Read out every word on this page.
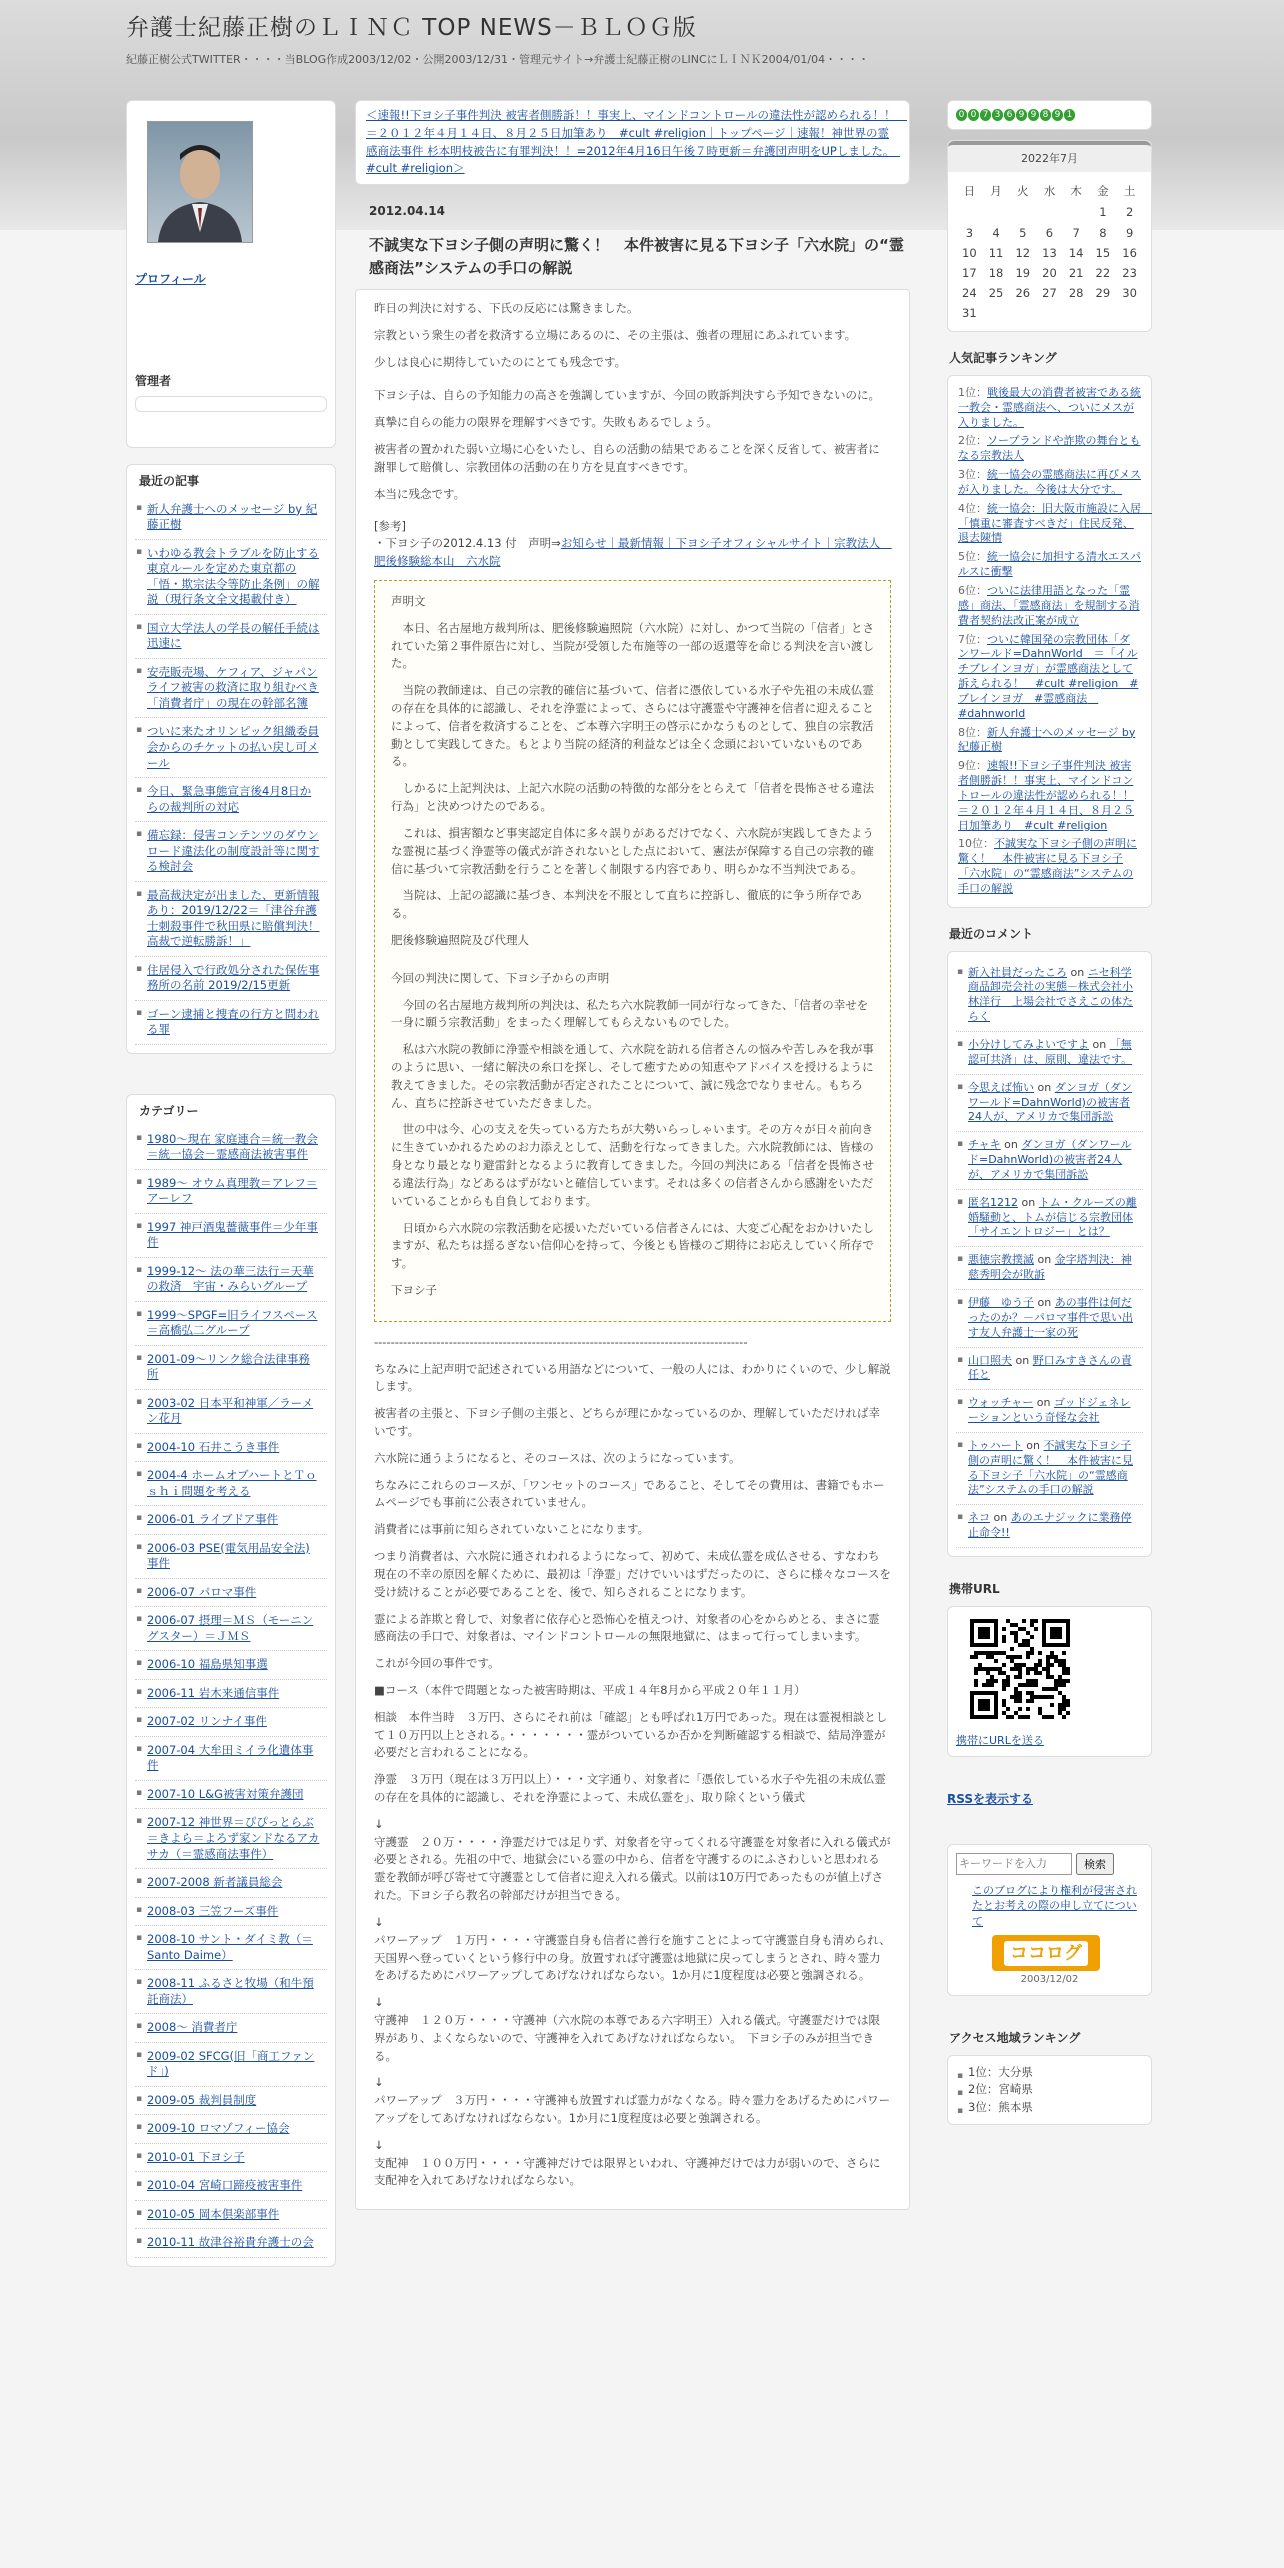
弁護士紀藤正樹のＬＩＮＣ TOP NEWS－ＢＬＯＧ版

紀藤正樹公式TWITTER・・・・当BLOG作成2003/12/02・公開2003/12/31・管理元サイト→弁護士紀藤正樹のLINCにＬＩＮＫ2004/01/04・・・・

プロフィール
管理者
最近の記事
▪ 新人弁護士へのメッセージ by 紀藤正樹
▪ いわゆる教会トラブルを防止する東京ルールを定めた東京都の「悟・欺宗法令等防止条例」の解説（現行条文全文掲載付き）
▪ 国立大学法人の学長の解任手続は迅速に
▪ 安売販売場、ケフィア、ジャパンライフ被害の救済に取り組むべき「消費者庁」の現在の幹部名簿
▪ ついに来たオリンピック組織委員会からのチケットの払い戻し可メール
▪ 今日、緊急事態宣言後4月8日からの裁判所の対応
▪ 備忘録：侵害コンテンツのダウンロード違法化の制度設計等に関する検討会
▪ 最高裁決定が出ました、更新情報あり：2019/12/22＝「津谷弁護士刺殺事件で秋田県に賠償判決！高裁で逆転勝訴！」
▪ 住居侵入で行政処分された保佐事務所の名前 2019/2/15更新
▪ ゴーン逮捕と捜査の行方と問われる罪
カテゴリー
▪ 1980～現在 家庭連合＝統一教会＝統一協会－霊感商法被害事件
▪ 1989～ オウム真理教＝アレフ＝アーレフ
▪ 1997 神戸酒鬼薔薇事件＝少年事件
▪ 1999-12～ 法の華三法行＝天華の救済　宇宙・みらいグループ
▪ 1999～SPGF=旧ライフスペース＝高橋弘二グループ
▪ 2001-09～リンク総合法律事務所
▪ 2003-02 日本平和神軍／ラーメン花月
▪ 2004-10 石井こうき事件
▪ 2004-4 ホームオブハートとＴｏｓｈｉ問題を考える
▪ 2006-01 ライブドア事件
▪ 2006-03 PSE(電気用品安全法)事件
▪ 2006-07 パロマ事件
▪ 2006-07 摂理＝ＭＳ（モーニングスター）＝ＪＭＳ
▪ 2006-10 福島県知事選
▪ 2006-11 岩木来通信事件
▪ 2007-02 リンナイ事件
▪ 2007-04 大牟田ミイラ化遺体事件
▪ 2007-10 L&G被害対策弁護団
▪ 2007-12 神世界＝ぴぴっとらぶ＝きよら＝よろず家ンドなるアカサカ（＝霊感商法事件）
▪ 2007-2008 新者議員総会
▪ 2008-03 三笠フーズ事件
▪ 2008-10 サント・ダイミ教（＝Santo Daime）
▪ 2008-11 ふるさと牧場（和牛預託商法）
▪ 2008～ 消費者庁
▪ 2009-02 SFCG(旧「商工ファンド」)
▪ 2009-05 裁判員制度
▪ 2009-10 ロマゾフィー協会
▪ 2010-01 下ヨシ子
▪ 2010-04 宮崎口蹄疫被害事件
▪ 2010-05 岡本倶楽部事件
▪ 2010-11 故津谷裕貴弁護士の会
＜速報!!下ヨシ子事件判決 被害者側勝訴！！事実上、マインドコントロールの違法性が認められる！！　＝２０１２年４月１４日、８月２５日加筆あり　#cult #religion｜トップページ｜速報！神世界の霊感商法事件 杉本明枝被告に有罪判決！！=2012年4月16日午後７時更新＝弁護団声明をUPしました。　#cult #religion＞
2012.04.14
不誠実な下ヨシ子側の声明に驚く！　本件被害に見る下ヨシ子「六水院」の“霊感商法”システムの手口の解説

昨日の判決に対する、下氏の反応には驚きました。

宗教という衆生の者を救済する立場にあるのに、その主張は、強者の理屈にあふれています。

少しは良心に期待していたのにとても残念です。

下ヨシ子は、自らの予知能力の高さを強調していますが、今回の敗訴判決すら予知できないのに。

真摯に自らの能力の限界を理解すべきです。失敗もあるでしょう。

被害者の置かれた弱い立場に心をいたし、自らの活動の結果であることを深く反省して、被害者に謝罪して賠償し、宗教団体の活動の在り方を見直すべきです。

本当に残念です。

[参考]

・下ヨシ子の2012.4.13 付　声明⇒お知らせ｜最新情報｜下ヨシ子オフィシャルサイト｜宗教法人　肥後修験総本山　六水院

声明文

本日、名古屋地方裁判所は、肥後修験遍照院（六水院）に対し、かつて当院の「信者」とされていた第２事件原告に対し、当院が受領した布施等の一部の返還等を命じる判決を言い渡した。

当院の教師達は、自己の宗教的確信に基づいて、信者に憑依している水子や先祖の未成仏霊の存在を具体的に認識し、それを浄霊によって、さらには守護霊や守護神を信者に迎えることによって、信者を救済することを、ご本尊六字明王の啓示にかなうものとして、独自の宗教活動として実践してきた。もとより当院の経済的利益などは全く念頭においていないものである。

しかるに上記判決は、上記六水院の活動の特徴的な部分をとらえて「信者を畏怖させる違法行為」と決めつけたのである。

これは、損害額など事実認定自体に多々誤りがあるだけでなく、六水院が実践してきたような霊視に基づく浄霊等の儀式が許されないとした点において、憲法が保障する自己の宗教的確信に基づいて宗教活動を行うことを著しく制限する内容であり、明らかな不当判決である。

当院は、上記の認識に基づき、本判決を不服として直ちに控訴し、徹底的に争う所存である。

肥後修験遍照院及び代理人

今回の判決に関して、下ヨシ子からの声明

今回の名古屋地方裁判所の判決は、私たち六水院教師一同が行なってきた、「信者の幸せを一身に願う宗教活動」をまったく理解してもらえないものでした。

私は六水院の教師に浄霊や相談を通して、六水院を訪れる信者さんの悩みや苦しみを我が事のように思い、一緒に解決の糸口を探し、そして癒すための知恵やアドバイスを授けるように教えてきました。その宗教活動が否定されたことについて、誠に残念でなりません。もちろん、直ちに控訴させていただきました。

世の中は今、心の支えを失っている方たちが大勢いらっしゃいます。その方々が日々前向きに生きていかれるためのお力添えとして、活動を行なってきました。六水院教師には、皆様の身となり最となり避雷針となるように教育してきました。今回の判決にある「信者を畏怖させる違法行為」などあるはずがないと確信しています。それは多くの信者さんから感謝をいただいていることからも自負しております。

日頃から六水院の宗教活動を応援いただいている信者さんには、大変ご心配をおかけいたしますが、私たちは揺るぎない信仰心を持って、今後とも皆様のご期待にお応えしていく所存です。

下ヨシ子

------------------------------------------------------------------------------------------

ちなみに上記声明で記述されている用語などについて、一般の人には、わかりにくいので、少し解説します。

被害者の主張と、下ヨシ子側の主張と、どちらが理にかなっているのか、理解していただければ幸いです。

六水院に通うようになると、そのコースは、次のようになっています。

ちなみにこれらのコースが、「ワンセットのコース」であること、そしてその費用は、書籍でもホームページでも事前に公表されていません。

消費者には事前に知らされていないことになります。

つまり消費者は、六水院に通されわれるようになって、初めて、未成仏霊を成仏させる、すなわち現在の不幸の原因を解くために、最初は「浄霊」だけでいいはずだったのに、さらに様々なコースを受け続けることが必要であることを、後で、知らされることになります。

霊による詐欺と脅しで、対象者に依存心と恐怖心を植えつけ、対象者の心をからめとる、まさに霊感商法の手口で、対象者は、マインドコントロールの無限地獄に、はまって行ってしまいます。

これが今回の事件です。

■コース（本件で問題となった被害時期は、平成１４年8月から平成２０年１１月）

相談　本件当時　３万円、さらにそれ前は「確認」とも呼ばれ1万円であった。現在は霊視相談として１０万円以上とされる。・・・・・・・霊がついているか否かを判断確認する相談で、結局浄霊が必要だと言われることになる。

浄霊　３万円（現在は３万円以上）・・・文字通り、対象者に「憑依している水子や先祖の未成仏霊の存在を具体的に認識し、それを浄霊によって、未成仏霊を」、取り除くという儀式

↓

守護霊　２０万・・・・浄霊だけでは足りず、対象者を守ってくれる守護霊を対象者に入れる儀式が必要とされる。先祖の中で、地獄会にいる霊の中から、信者を守護するのにふさわしいと思われる霊を教師が呼び寄せて守護霊として信者に迎え入れる儀式。以前は10万円であったものが値上げされた。下ヨシ子ら教名の幹部だけが担当できる。

↓

パワーアップ　１万円・・・・守護霊自身も信者に善行を施すことによって守護霊自身も清められ、天国界へ登っていくという修行中の身。放置すれば守護霊は地獄に戻ってしまうとされ、時々霊力をあげるためにパワーアップしてあげなければならない。1か月に1度程度は必要と強調される。

↓

守護神　１２０万・・・・守護神（六水院の本尊である六字明王）入れる儀式。守護霊だけでは限界があり、よくならないので、守護神を入れてあげなければならない。　下ヨシ子のみが担当できる。

↓

パワーアップ　３万円・・・・守護神も放置すれば霊力がなくなる。時々霊力をあげるためにパワーアップをしてあげなければならない。1か月に1度程度は必要と強調される。

↓

支配神　１００万円・・・・守護神だけでは限界といわれ、守護神だけでは力が弱いので、さらに支配神を入れてあげなければならない。

0 0 7 3 6 9 9 8 9 1
2022年7月
日	月	火	水	木	金	土
					1	2
3	4	5	6	7	8	9
10	11	12	13	14	15	16
17	18	19	20	21	22	23
24	25	26	27	28	29	30
31						
人気記事ランキング
1位：戦後最大の消費者被害である統一教会・霊感商法へ、ついにメスが入りました。
2位：ソープランドや詐欺の舞台ともなる宗教法人
3位：統一協会の霊感商法に再びメスが入りました。今後は大分です。
4位：統一協会：旧大阪市施設に入居　「慎重に審査すべきだ」住民反発、退去陳情
5位：統一協会に加担する清水エスパルスに衝撃
6位：ついに法律用語となった「霊感」商法、「霊感商法」を規制する消費者契約法改正案が成立
7位：ついに韓国発の宗教団体「ダンワールド=DahnWorld　＝「イルチブレインヨガ」が霊感商法として訴えられる！　#cult #religion　#ブレインヨガ　#霊感商法　#dahnworld
8位：新人弁護士へのメッセージ by 紀藤正樹
9位：速報!!下ヨシ子事件判決 被害者側勝訴！！事実上、マインドコントロールの違法性が認められる！！ ＝２０１２年４月１４日、８月２５日加筆あり　#cult #religion
10位：不誠実な下ヨシ子側の声明に驚く！　本件被害に見る下ヨシ子「六水院」の“霊感商法”システムの手口の解説
最近のコメント
▪ 新入社員だったころ on ニセ科学商品卸売会社の実態－株式会社小林洋行　上場会社でさえこの体たらく
▪ 小分けしてみよいですよ on 「無認可共済」は、原則、違法です。
▪ 今思えば怖い on ダンヨガ（ダンワールド=DahnWorld)の被害者24人が、アメリカで集団訴訟
▪ チャキ on ダンヨガ（ダンワールド=DahnWorld)の被害者24人が、アメリカで集団訴訟
▪ 匿名1212 on トム・クルーズの離婚騒動と、トムが信じる宗教団体「サイエントロジー」とは？
▪ 悪徳宗教撲滅 on 金字塔判決：神慈秀明会が敗訴
▪ 伊藤　ゆう子 on あの事件は何だったのか？－パロマ事件で思い出す友人弁護士一家の死
▪ 山口照夫 on 野口みすきさんの責任と
▪ ウォッチャー on ゴッドジェネレーションという奇怪な会社
▪ トゥハート on 不誠実な下ヨシ子側の声明に驚く！　本件被害に見る下ヨシ子「六水院」の“霊感商法”システムの手口の解説
▪ ネコ on あのエナジックに業務停止命令!!
携帯URL
携帯にURLを送る
RSSを表示する
キーワードを入力
検索
このブログにより権利が侵害されたとお考えの際の申し立てについて
ココログ
2003/12/02
アクセス地域ランキング
▪ 1位：大分県
▪ 2位：宮崎県
▪ 3位：熊本県
